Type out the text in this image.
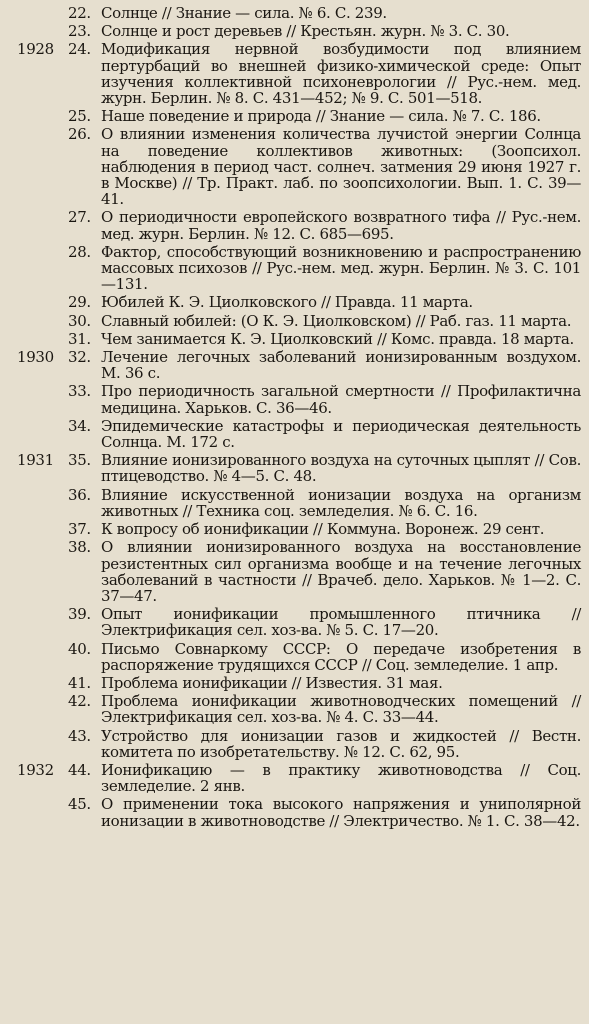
22. Солнце // Знание — сила. № 6. С. 239.
23. Солнце и рост деревьев // Крестьян. журн. № 3. С. 30.
1928 24. Модификация нервной возбудимости под влиянием пертурбаций во внешней физико-химической среде: Опыт изучения коллективной психоневрологии // Рус.-нем. мед. журн. Берлин. № 8. С. 431—452; № 9. С. 501—518.
25. Наше поведение и природа // Знание — сила. № 7. С. 186.
26. О влиянии изменения количества лучистой энергии Солнца на поведение коллективов животных: (Зоопсихол. наблюдения в период част. солнеч. затмения 29 июня 1927 г. в Москве) // Тр. Практ. лаб. по зоопсихологии. Вып. 1. С. 39—41.
27. О периодичности европейского возвратного тифа // Рус.-нем. мед. журн. Берлин. № 12. С. 685—695.
28. Фактор, способствующий возникновению и распространению массовых психозов // Рус.-нем. мед. журн. Берлин. № 3. С. 101—131.
29. Юбилей К. Э. Циолковского // Правда. 11 марта.
30. Славный юбилей: (О К. Э. Циолковском) // Раб. газ. 11 марта.
31. Чем занимается К. Э. Циолковский // Комс. правда. 18 марта.
1930 32. Лечение легочных заболеваний ионизированным воздухом. М. 36 с.
33. Про периодичность загальной смертности // Профилактична медицина. Харьков. С. 36—46.
34. Эпидемические катастрофы и периодическая деятельность Солнца. М. 172 с.
1931 35. Влияние ионизированного воздуха на суточных цыплят // Сов. птицеводство. № 4—5. С. 48.
36. Влияние искусственной ионизации воздуха на организм животных // Техника соц. земледелия. № 6. С. 16.
37. К вопросу об ионификации // Коммуна. Воронеж. 29 сент.
38. О влиянии ионизированного воздуха на восстановление резистентных сил организма вообще и на течение легочных заболеваний в частности // Врачеб. дело. Харьков. № 1—2. С. 37—47.
39. Опыт ионификации промышленного птичника // Электрификация сел. хоз-ва. № 5. С. 17—20.
40. Письмо Совнаркому СССР: О передаче изобретения в распоряжение трудящихся СССР // Соц. земледелие. 1 апр.
41. Проблема ионификации // Известия. 31 мая.
42. Проблема ионификации животноводческих помещений // Электрификация сел. хоз-ва. № 4. С. 33—44.
43. Устройство для ионизации газов и жидкостей // Вестн. комитета по изобретательству. № 12. С. 62, 95.
1932 44. Ионификацию — в практику животноводства // Соц. земледелие. 2 янв.
45. О применении тока высокого напряжения и униполярной ионизации в животноводстве // Электричество. № 1. С. 38—42.
